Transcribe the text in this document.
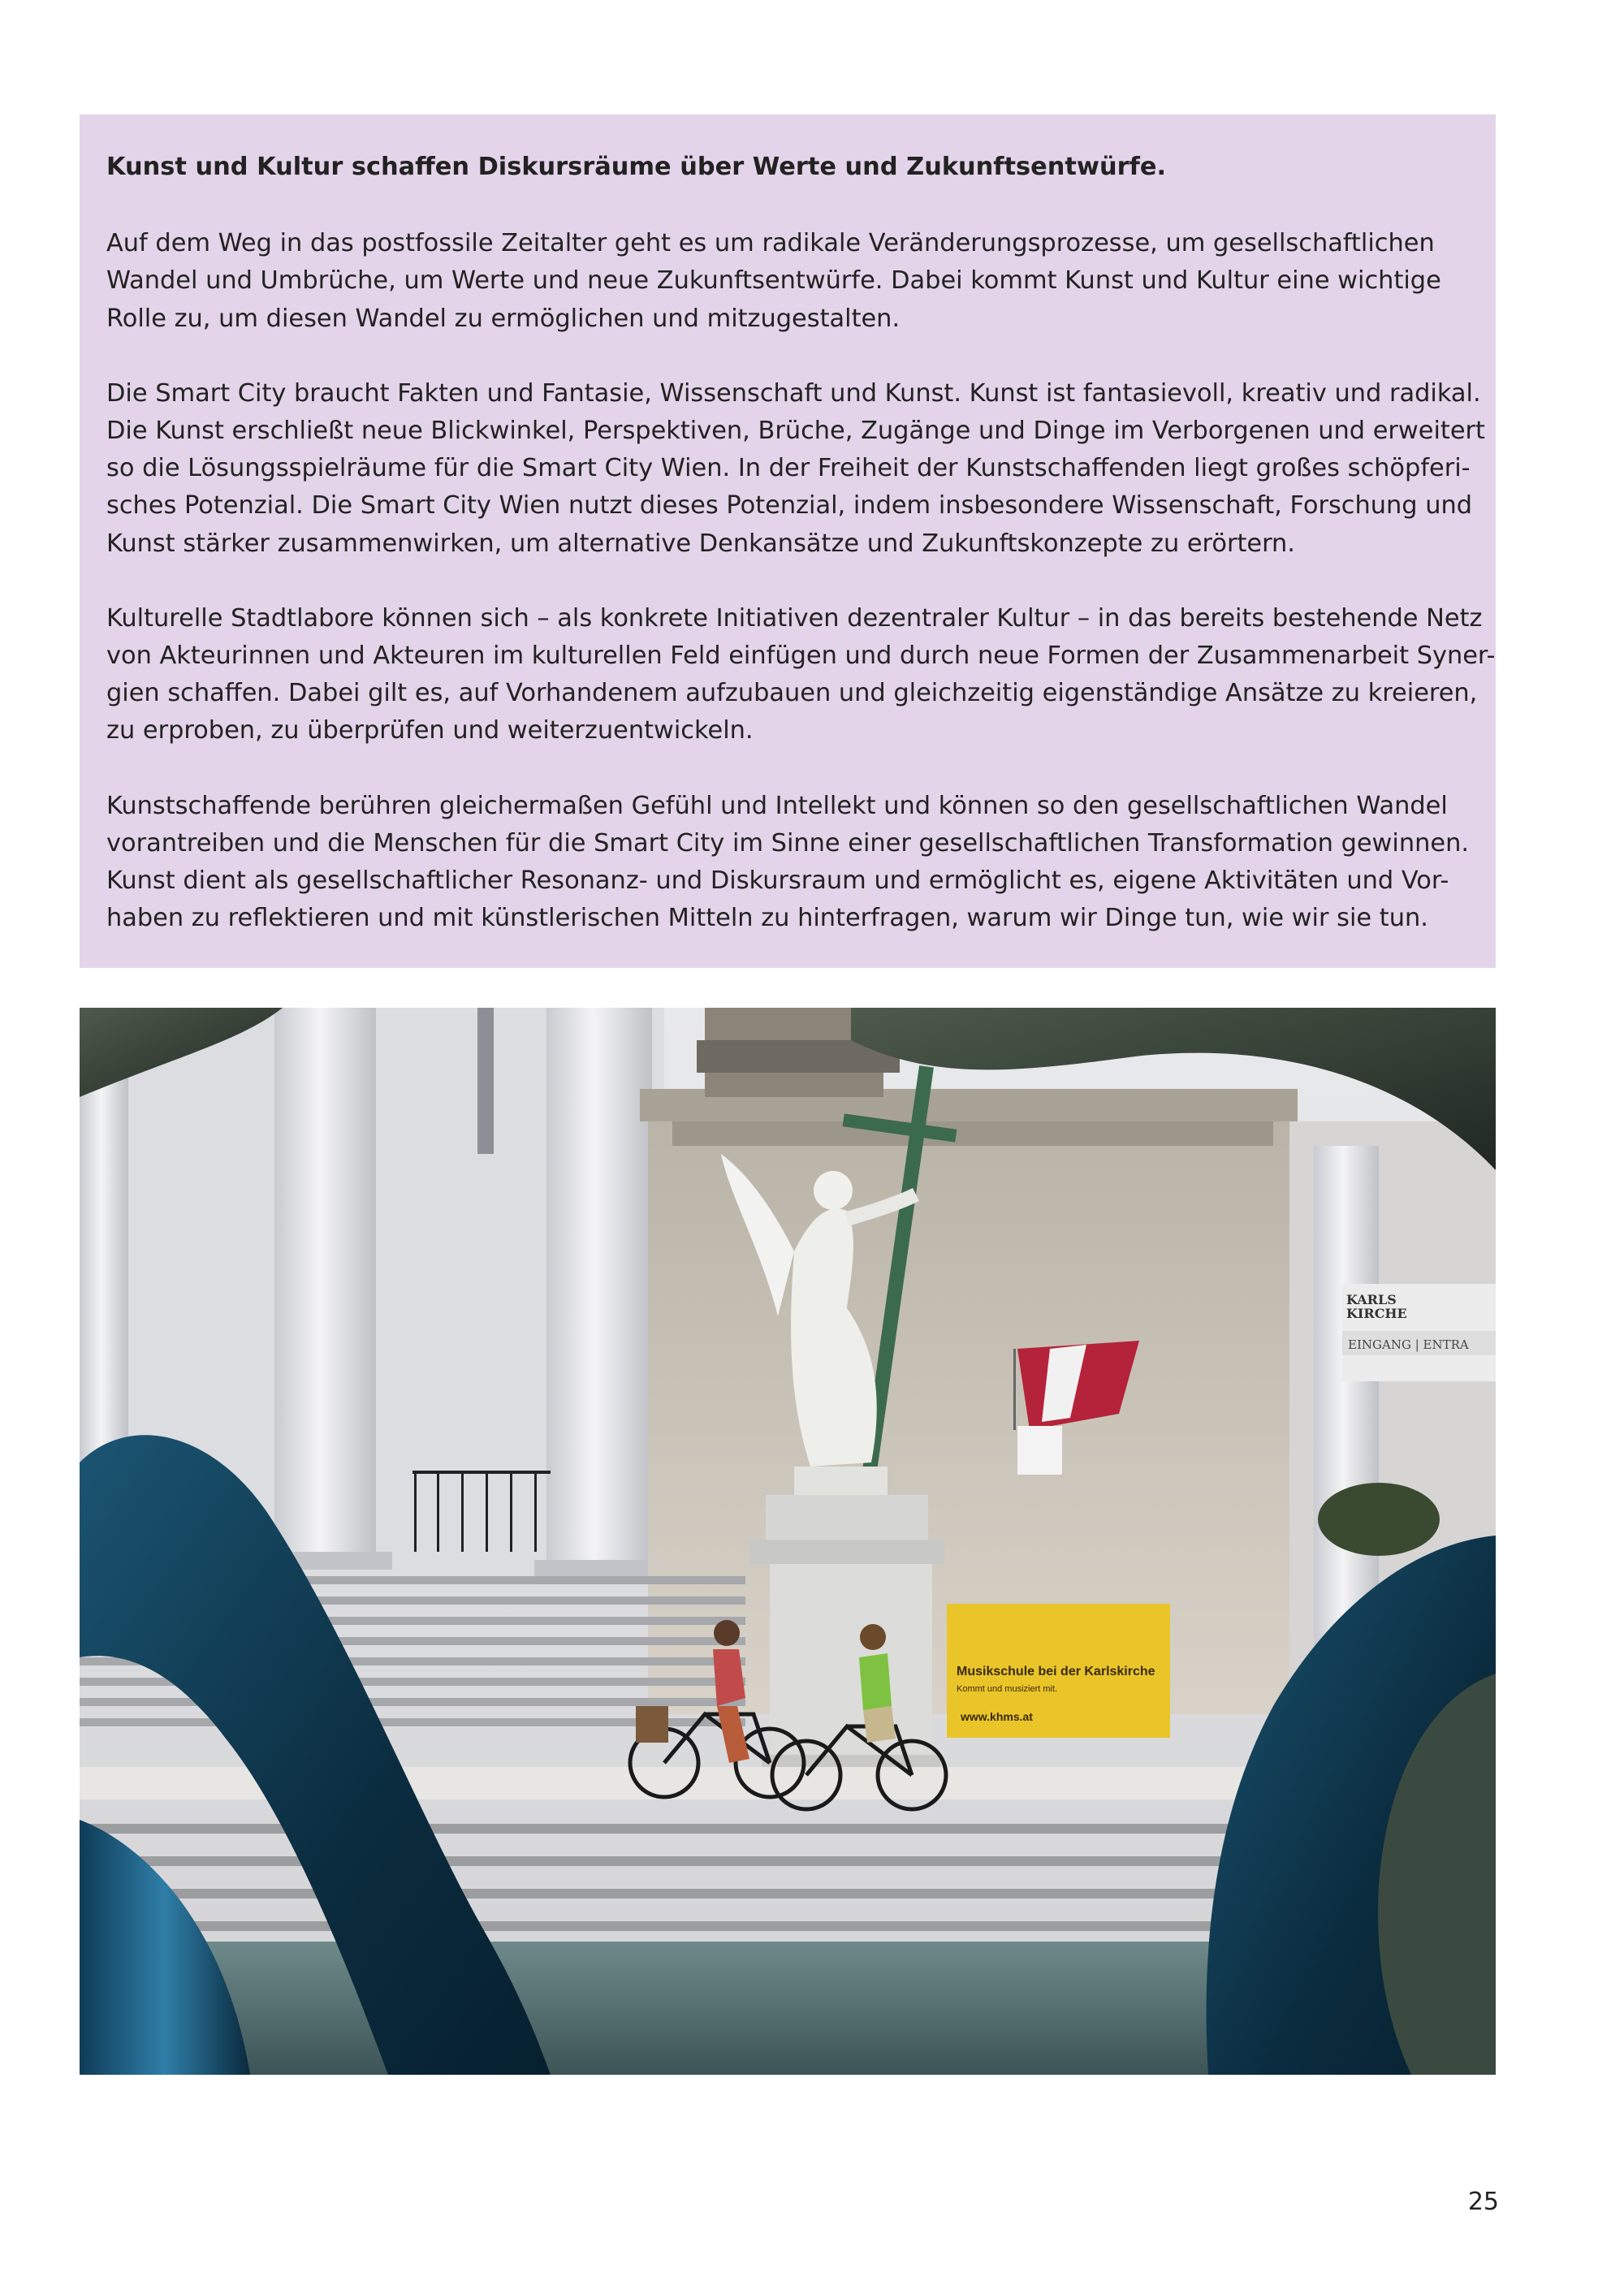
Kunst und Kultur schaffen Diskursräume über Werte und Zukunftsentwürfe.

Auf dem Weg in das postfossile Zeitalter geht es um radikale Veränderungsprozesse, um gesellschaftlichen
Wandel und Umbrüche, um Werte und neue Zukunftsentwürfe. Dabei kommt Kunst und Kultur eine wichtige
Rolle zu, um diesen Wandel zu ermöglichen und mitzugestalten.

Die Smart City braucht Fakten und Fantasie, Wissenschaft und Kunst. Kunst ist fantasievoll, kreativ und radikal.
Die Kunst erschließt neue Blickwinkel, Perspektiven, Brüche, Zugänge und Dinge im Verborgenen und erweitert
so die Lösungsspielräume für die Smart City Wien. In der Freiheit der Kunstschaffenden liegt großes schöpferi-
sches Potenzial. Die Smart City Wien nutzt dieses Potenzial, indem insbesondere Wissenschaft, Forschung und
Kunst stärker zusammenwirken, um alternative Denkansätze und Zukunftskonzepte zu erörtern.

Kulturelle Stadtlabore können sich – als konkrete Initiativen dezentraler Kultur – in das bereits bestehende Netz
von Akteurinnen und Akteuren im kulturellen Feld einfügen und durch neue Formen der Zusammenarbeit Syner-
gien schaffen. Dabei gilt es, auf Vorhandenem aufzubauen und gleichzeitig eigenständige Ansätze zu kreieren,
zu erproben, zu überprüfen und weiterzuentwickeln.

Kunstschaffende berühren gleichermaßen Gefühl und Intellekt und können so den gesellschaftlichen Wandel
vorantreiben und die Menschen für die Smart City im Sinne einer gesellschaftlichen Transformation gewinnen.
Kunst dient als gesellschaftlicher Resonanz- und Diskursraum und ermöglicht es, eigene Aktivitäten und Vor-
haben zu reflektieren und mit künstlerischen Mitteln zu hinterfragen, warum wir Dinge tun, wie wir sie tun.

KARLS
KIRCHE
EINGANG | ENTRA
Musikschule bei der Karlskirche
Kommt und musiziert mit.
www.khms.at
25
